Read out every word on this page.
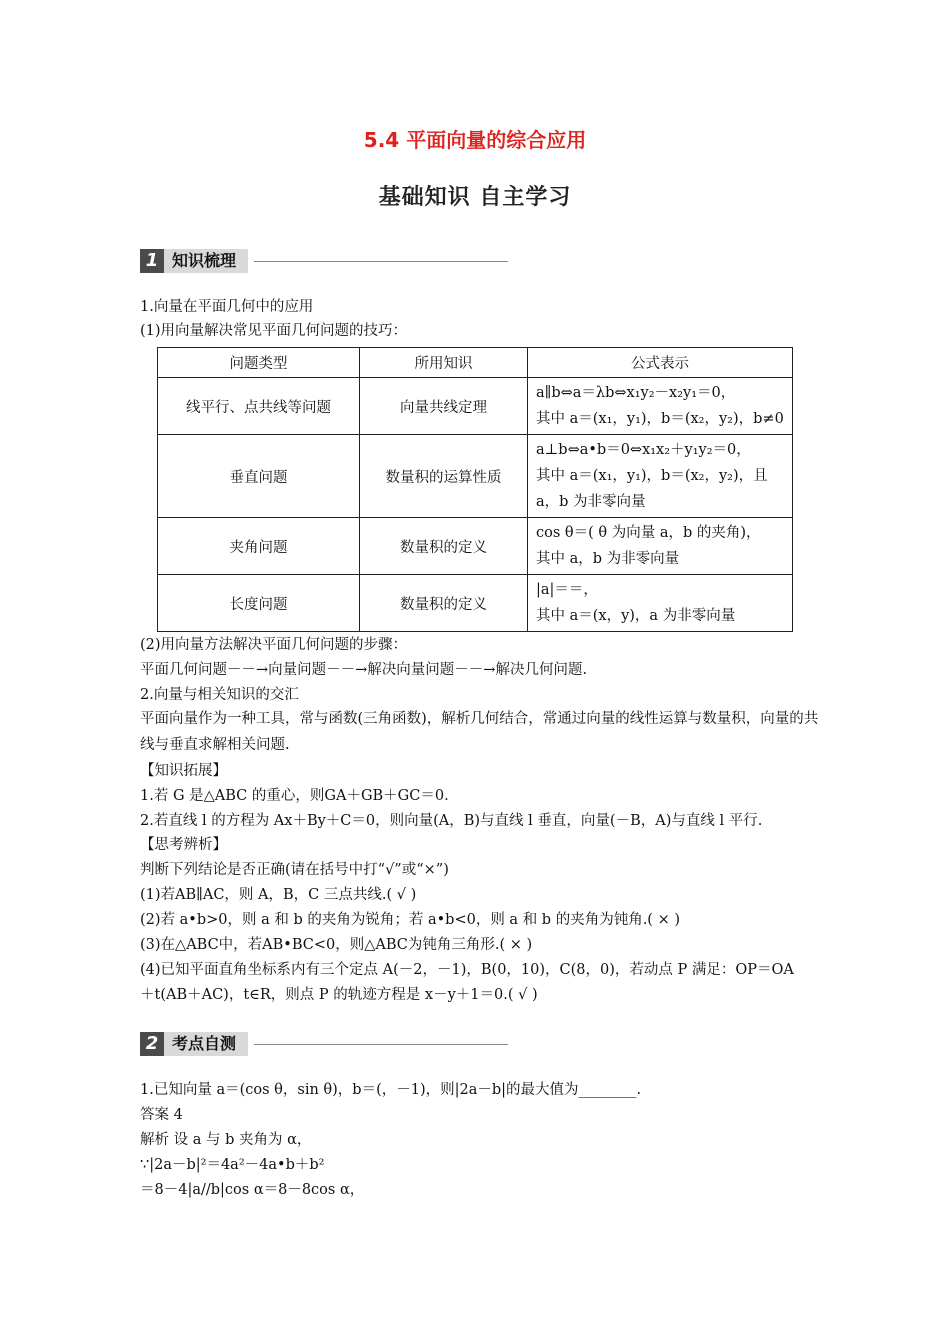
5.4 平面向量的综合应用
基础知识 自主学习
1 知识梳理
1.向量在平面几何中的应用
(1)用向量解决常见平面几何问题的技巧：
问题类型	所用知识	公式表示
线平行、点共线等问题	向量共线定理	a∥b⇔a＝λb⇔x₁y₂－x₂y₁＝0，
其中 a＝(x₁，y₁)，b＝(x₂，y₂)，b≠0

垂直问题	数量积的运算性质	a⊥b⇔a•b＝0⇔x₁x₂＋y₁y₂＝0，
其中 a＝(x₁，y₁)，b＝(x₂，y₂)，且
a，b 为非零向量

夹角问题	数量积的定义	cos θ＝( θ 为向量 a，b 的夹角)，
其中 a，b 为非零向量

长度问题	数量积的定义	|a|＝＝，
其中 a＝(x，y)，a 为非零向量
(2)用向量方法解决平面几何问题的步骤：
平面几何问题－－→向量问题－－→解决向量问题－－→解决几何问题.
2.向量与相关知识的交汇
平面向量作为一种工具，常与函数(三角函数)，解析几何结合，常通过向量的线性运算与数量积，向量的共线与垂直求解相关问题.
【知识拓展】
1.若 G 是△ABC 的重心，则GA＋GB＋GC＝0.
2.若直线 l 的方程为 Ax＋By＋C＝0，则向量(A，B)与直线 l 垂直，向量(－B，A)与直线 l 平行.
【思考辨析】
判断下列结论是否正确(请在括号中打“√”或“×”)
(1)若AB∥AC，则 A，B，C 三点共线.( √ )
(2)若 a•b>0，则 a 和 b 的夹角为锐角；若 a•b<0，则 a 和 b 的夹角为钝角.( × )
(3)在△ABC中，若AB•BC<0，则△ABC为钝角三角形.( × )
(4)已知平面直角坐标系内有三个定点 A(－2，－1)，B(0，10)，C(8，0)，若动点 P 满足：OP＝OA
＋t(AB＋AC)，t∈R，则点 P 的轨迹方程是 x－y＋1＝0.( √ )
2 考点自测
1.已知向量 a＝(cos θ，sin θ)，b＝(，－1)，则|2a－b|的最大值为________.
答案 4
解析 设 a 与 b 夹角为 α，
∵|2a－b|²＝4a²－4a•b＋b²
＝8－4|a//b|cos α＝8－8cos α，
